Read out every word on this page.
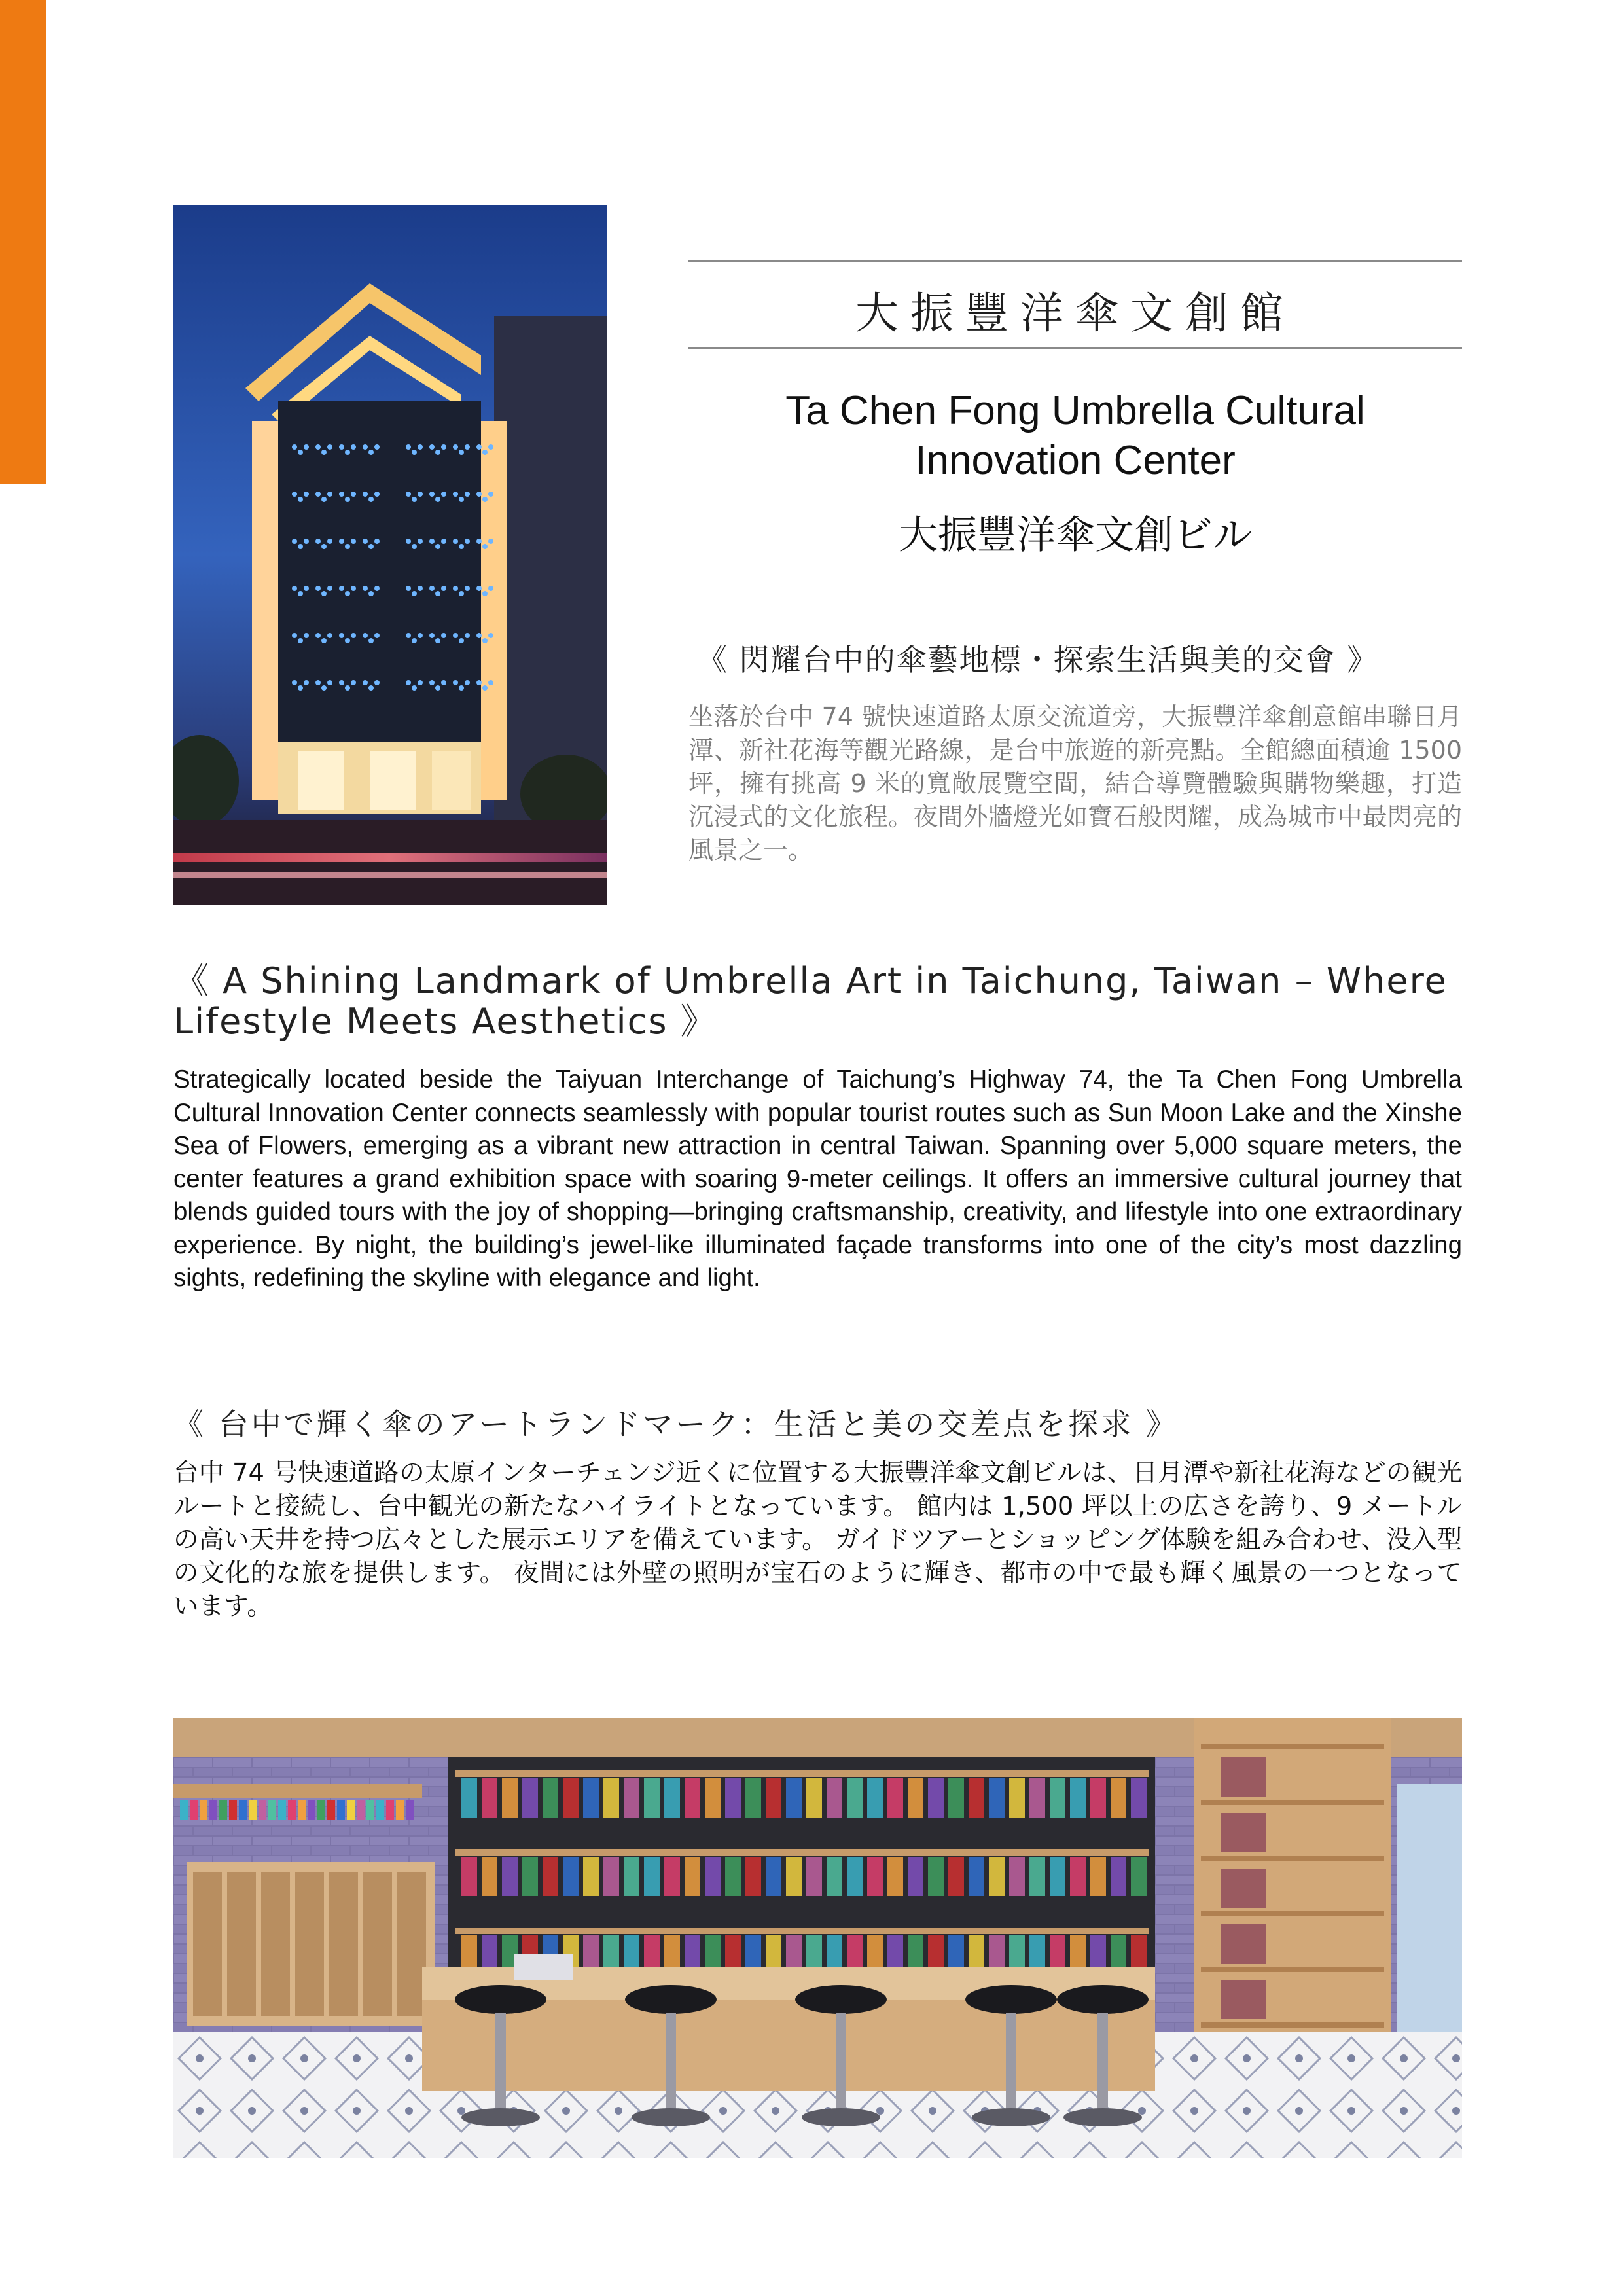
大振豐洋傘文創館
Ta Chen Fong Umbrella Cultural Innovation Center
大振豐洋傘文創ビル
《 閃耀台中的傘藝地標・探索生活與美的交會 》
坐落於台中 74 號快速道路太原交流道旁，大振豐洋傘創意館串聯日月潭、新社花海等觀光路線，是台中旅遊的新亮點。全館總面積逾 1500 坪，擁有挑高 9 米的寬敞展覽空間，結合導覽體驗與購物樂趣，打造沉浸式的文化旅程。夜間外牆燈光如寶石般閃耀，成為城市中最閃亮的風景之一。
《 A Shining Landmark of Umbrella Art in Taichung, Taiwan – Where Lifestyle Meets Aesthetics 》
Strategically located beside the Taiyuan Interchange of Taichung’s Highway 74, the Ta Chen Fong Umbrella Cultural Innovation Center connects seamlessly with popular tourist routes such as Sun Moon Lake and the Xinshe Sea of Flowers, emerging as a vibrant new attraction in central Taiwan. Spanning over 5,000 square meters, the center features a grand exhibition space with soaring 9-meter ceilings. It offers an immersive cultural journey that blends guided tours with the joy of shopping—bringing craftsmanship, creativity, and lifestyle into one extraordinary experience. By night, the building’s jewel-like illuminated façade transforms into one of the city’s most dazzling sights, redefining the skyline with elegance and light.
《 台中で輝く傘のアートランドマーク：生活と美の交差点を探求 》
台中 74 号快速道路の太原インターチェンジ近くに位置する大振豐洋傘文創ビルは、日月潭や新社花海などの観光ルートと接続し、台中観光の新たなハイライトとなっています。 館内は 1,500 坪以上の広さを誇り、9 メートルの高い天井を持つ広々とした展示エリアを備えています。 ガイドツアーとショッピング体験を組み合わせ、没入型の文化的な旅を提供します。 夜間には外壁の照明が宝石のように輝き、都市の中で最も輝く風景の一つとなっています。
